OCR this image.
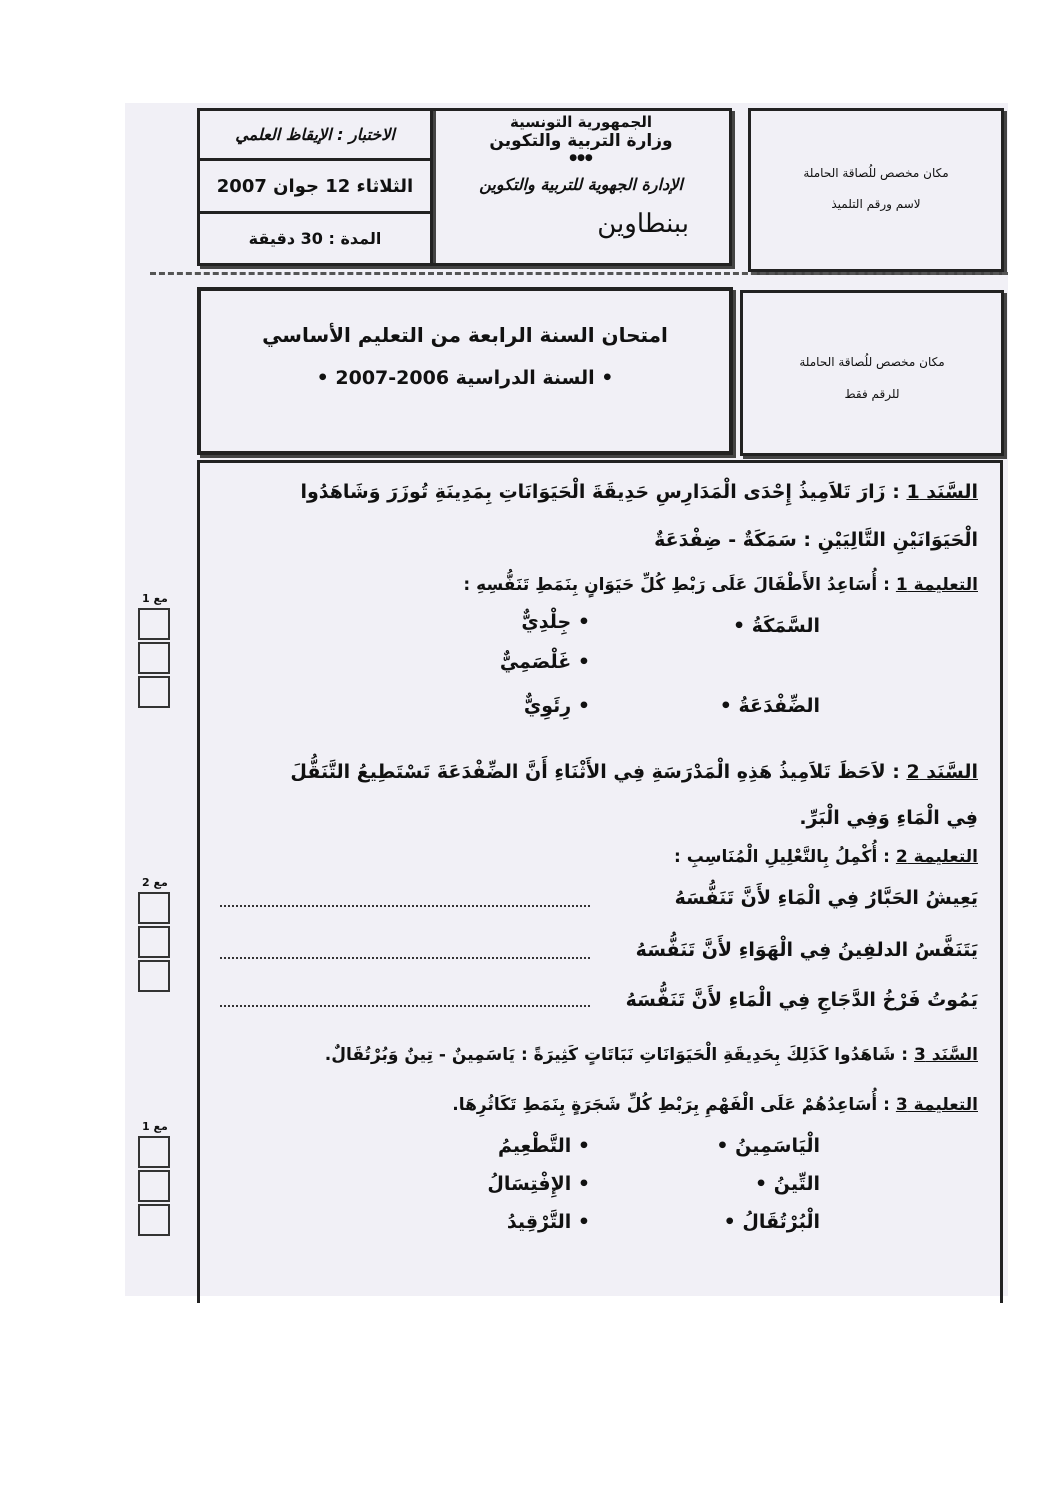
الاختبار : الإيقاظ العلمي
الثلاثاء 12 جوان 2007
المدة : 30 دقيقة
الجمهورية التونسية
وزارة التربية والتكوين
●●●
الإدارة الجهوية للتربية والتكوين
ببنطاوين
مكان مخصص للُصاقة الحاملة
لاسم ورقم التلميذ
امتحان السنة الرابعة من التعليم الأساسي
• السنة الدراسية 2006-2007 •
مكان مخصص للُصاقة الحاملة
للرقم فقط
السَّنَد 1 : زَارَ تَلاَمِيذُ إِحْدَى الْمَدَارِسِ حَدِيقَةَ الْحَيَوَانَاتِ بِمَدِينَةِ تُوزَرَ وَشَاهَدُوا
الْحَيَوَانَيْنِ التَّالِيَيْنِ : سَمَكَةٌ - ضِفْدَعَةٌ
التعليمة 1 : أُسَاعِدُ الأَطْفَالَ عَلَى رَبْطِ كُلِّ حَيَوَانٍ بِنَمَطِ تَنَفُّسِهِ :
السَّمَكَةُ •
الضِّفْدَعَةُ •
• جِلْدِيٌّ
• غَلْصَمِيٌّ
• رِئَوِيٌّ
السَّنَد 2 : لاَحَظَ تَلاَمِيذُ هَذِهِ الْمَدْرَسَةِ فِي الأَثْنَاءِ أَنَّ الضِّفْدَعَةَ تَسْتَطِيعُ التَّنَقُّلَ
فِي الْمَاءِ وَفِي الْبَرِّ.
التعليمة 2 : أُكْمِلُ بِالتَّعْلِيلِ الْمُنَاسِبِ :
يَعِيشُ الحَبَّارُ فِي الْمَاءِ لأَنَّ تَنَفُّسَهُ
يَتَنَفَّسُ الدلفِينُ فِي الْهَوَاءِ لأَنَّ تَنَفُّسَهُ
يَمُوتُ فَرْخُ الدَّجَاجِ فِي الْمَاءِ لأَنَّ تَنَفُّسَهُ
السَّنَد 3 : شَاهَدُوا كَذَلِكَ بِحَدِيقَةِ الْحَيَوَانَاتِ نَبَاتَاتٍ كَثِيرَةً : يَاسَمِينٌ - تِينٌ وَبُرْتُقَالٌ.
التعليمة 3 : أُسَاعِدُهُمْ عَلَى الْفَهْمِ بِرَبْطِ كُلِّ شَجَرَةٍ بِنَمَطِ تَكَاثُرِهَا.
الْيَاسَمِينُ •
التِّينُ •
الْبُرْتُقَالُ •
• التَّطْعِيمُ
• الإِفْتِسَالُ
• التَّرْقِيدُ
مع 1
مع 2
مع 1
